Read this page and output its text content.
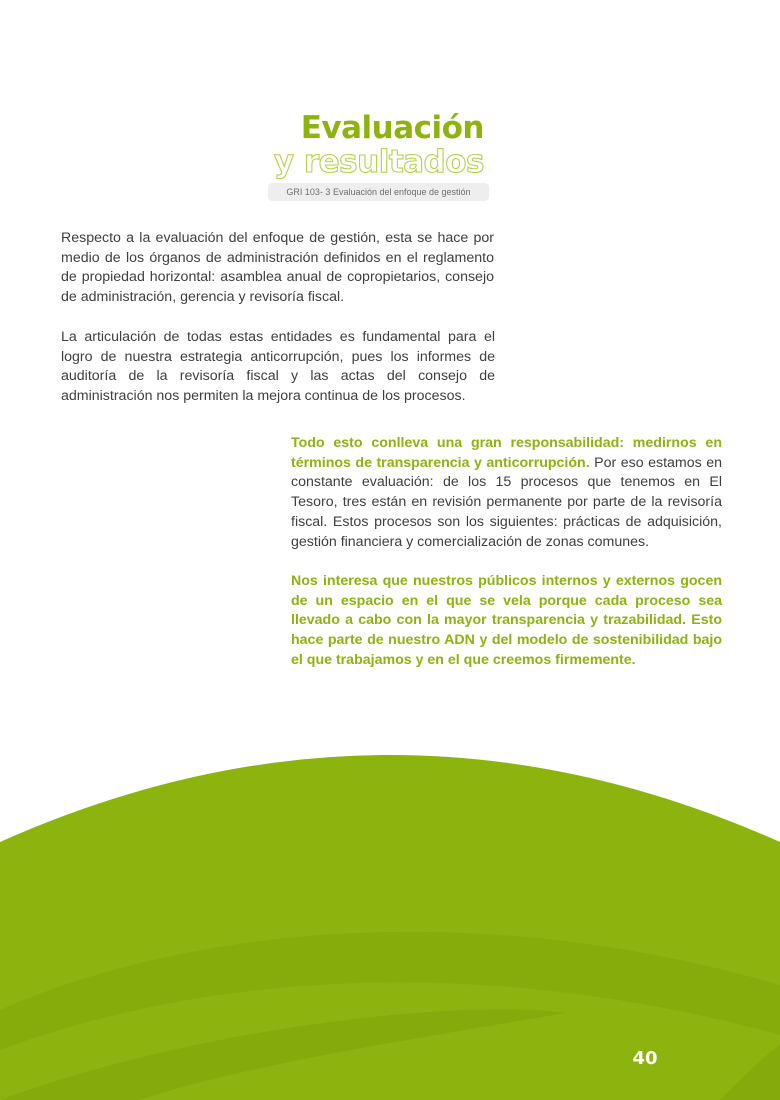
Evaluación
y resultados
GRI 103- 3 Evaluación del enfoque de gestión

Respecto a la evaluación del enfoque de gestión, esta se hace por medio de los órganos de administración definidos en el reglamento de propiedad horizontal: asamblea anual de copropietarios, consejo de administración, gerencia y revisoría fiscal.

La articulación de todas estas entidades es fundamental para el logro de nuestra estrategia anticorrupción, pues los informes de auditoría de la revisoría fiscal y las actas del consejo de administración nos permiten la mejora continua de los procesos.

Todo esto conlleva una gran responsabilidad: medirnos en términos de transparencia y anticorrupción. Por eso estamos en constante evaluación: de los 15 procesos que tenemos en El Tesoro, tres están en revisión permanente por parte de la revisoría fiscal. Estos procesos son los siguientes: prácticas de adquisición, gestión financiera y comercialización de zonas comunes.

Nos interesa que nuestros públicos internos y externos gocen de un espacio en el que se vela porque cada proceso sea llevado a cabo con la mayor transparencia y trazabilidad. Esto hace parte de nuestro ADN y del modelo de sostenibilidad bajo el que trabajamos y en el que creemos firmemente.

40
